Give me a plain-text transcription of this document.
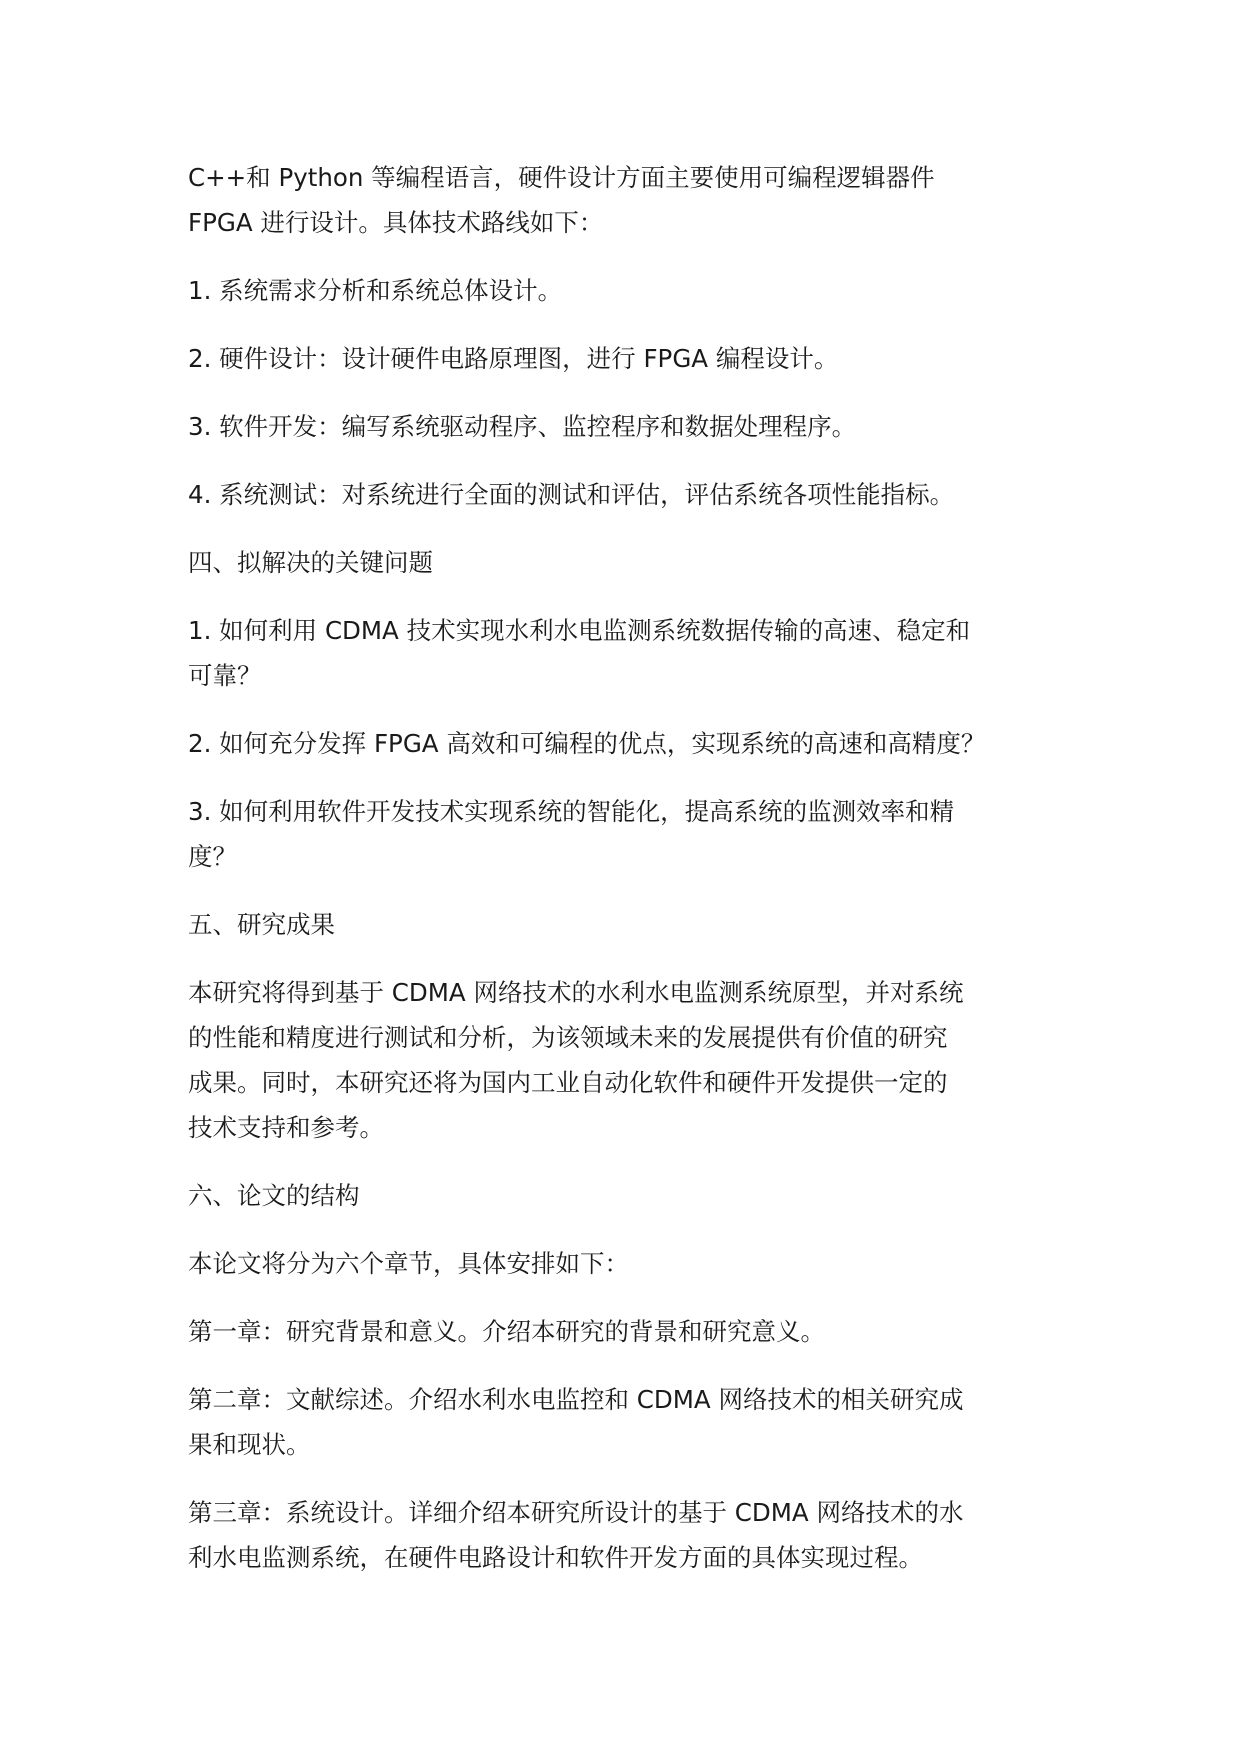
C++和 Python 等编程语言，硬件设计方面主要使用可编程逻辑器件
FPGA 进行设计。具体技术路线如下：

1. 系统需求分析和系统总体设计。

2. 硬件设计：设计硬件电路原理图，进行 FPGA 编程设计。

3. 软件开发：编写系统驱动程序、监控程序和数据处理程序。

4. 系统测试：对系统进行全面的测试和评估，评估系统各项性能指标。

四、拟解决的关键问题

1. 如何利用 CDMA 技术实现水利水电监测系统数据传输的高速、稳定和
可靠？

2. 如何充分发挥 FPGA 高效和可编程的优点，实现系统的高速和高精度？

3. 如何利用软件开发技术实现系统的智能化，提高系统的监测效率和精
度？

五、研究成果

本研究将得到基于 CDMA 网络技术的水利水电监测系统原型，并对系统
的性能和精度进行测试和分析，为该领域未来的发展提供有价值的研究
成果。同时，本研究还将为国内工业自动化软件和硬件开发提供一定的
技术支持和参考。

六、论文的结构

本论文将分为六个章节，具体安排如下：

第一章：研究背景和意义。介绍本研究的背景和研究意义。

第二章：文献综述。介绍水利水电监控和 CDMA 网络技术的相关研究成
果和现状。

第三章：系统设计。详细介绍本研究所设计的基于 CDMA 网络技术的水
利水电监测系统，在硬件电路设计和软件开发方面的具体实现过程。
